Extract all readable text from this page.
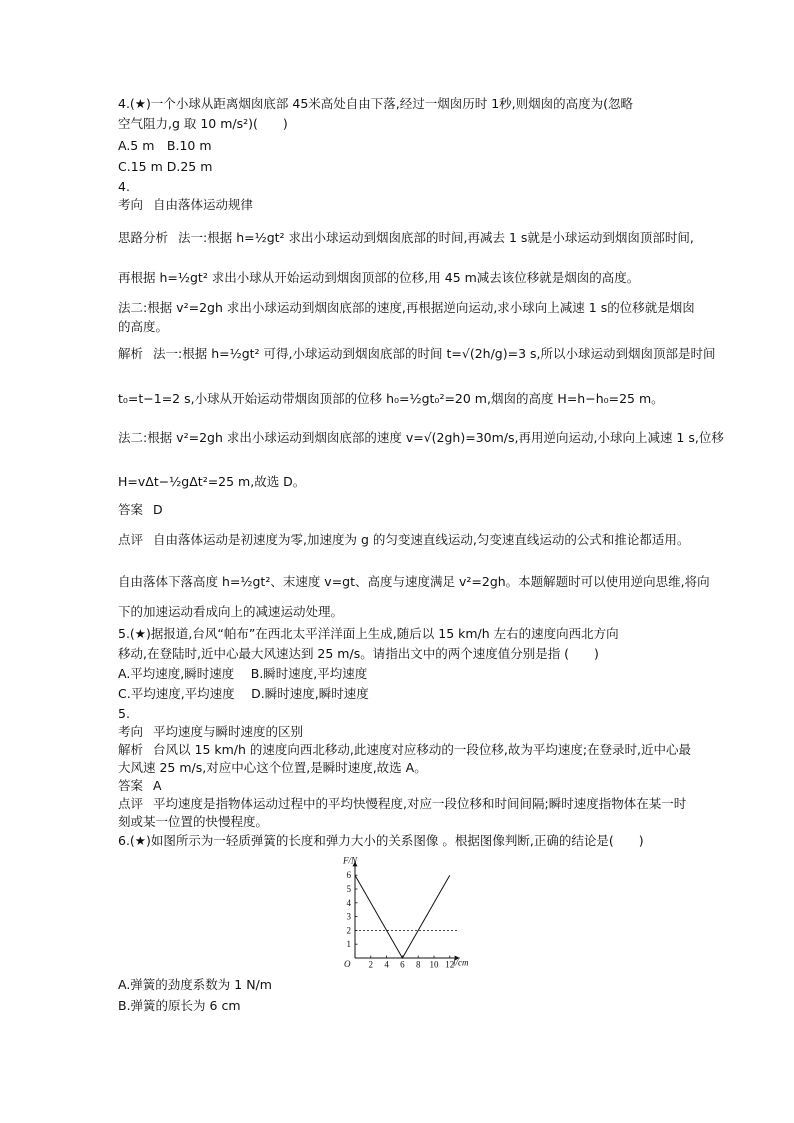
4.(★)一个小球从距离烟囱底部 45米高处自由下落,经过一烟囱历时 1秒,则烟囱的高度为(忽略
空气阻力,g 取 10 m/s²)(　　)
A.5 m　B.10 m
C.15 m D.25 m
4.
考向 自由落体运动规律
思路分析 法一:根据 h=½gt² 求出小球运动到烟囱底部的时间,再减去 1 s就是小球运动到烟囱顶部时间,
再根据 h=½gt² 求出小球从开始运动到烟囱顶部的位移,用 45 m减去该位移就是烟囱的高度。
法二:根据 v²=2gh 求出小球运动到烟囱底部的速度,再根据逆向运动,求小球向上减速 1 s的位移就是烟囱
的高度。
解析 法一:根据 h=½gt² 可得,小球运动到烟囱底部的时间 t=√(2h/g)=3 s,所以小球运动到烟囱顶部是时间
t₀=t−1=2 s,小球从开始运动带烟囱顶部的位移 h₀=½gt₀²=20 m,烟囱的高度 H=h−h₀=25 m。
法二:根据 v²=2gh 求出小球运动到烟囱底部的速度 v=√(2gh)=30m/s,再用逆向运动,小球向上减速 1 s,位移
H=vΔt−½gΔt²=25 m,故选 D。
答案 D
点评 自由落体运动是初速度为零,加速度为 g 的匀变速直线运动,匀变速直线运动的公式和推论都适用。
自由落体下落高度 h=½gt²、末速度 v=gt、高度与速度满足 v²=2gh。本题解题时可以使用逆向思维,将向
下的加速运动看成向上的减速运动处理。
5.(★)据报道,台风“帕布”在西北太平洋洋面上生成,随后以 15 km/h 左右的速度向西北方向
移动,在登陆时,近中心最大风速达到 25 m/s。请指出文中的两个速度值分别是指 (　　)
A.平均速度,瞬时速度　 B.瞬时速度,平均速度
C.平均速度,平均速度　 D.瞬时速度,瞬时速度
5.
考向 平均速度与瞬时速度的区别
解析 台风以 15 km/h 的速度向西北移动,此速度对应移动的一段位移,故为平均速度;在登录时,近中心最
大风速 25 m/s,对应中心这个位置,是瞬时速度,故选 A。
答案 A
点评 平均速度是指物体运动过程中的平均快慢程度,对应一段位移和时间间隔;瞬时速度指物体在某一时
刻或某一位置的快慢程度。
6.(★)如图所示为一轻质弹簧的长度和弹力大小的关系图像 。根据图像判断,正确的结论是(　　)
F/N
l/cm
O 2 4 6 8 10 12
1
2
3
4
5
6
A.弹簧的劲度系数为 1 N/m
B.弹簧的原长为 6 cm
